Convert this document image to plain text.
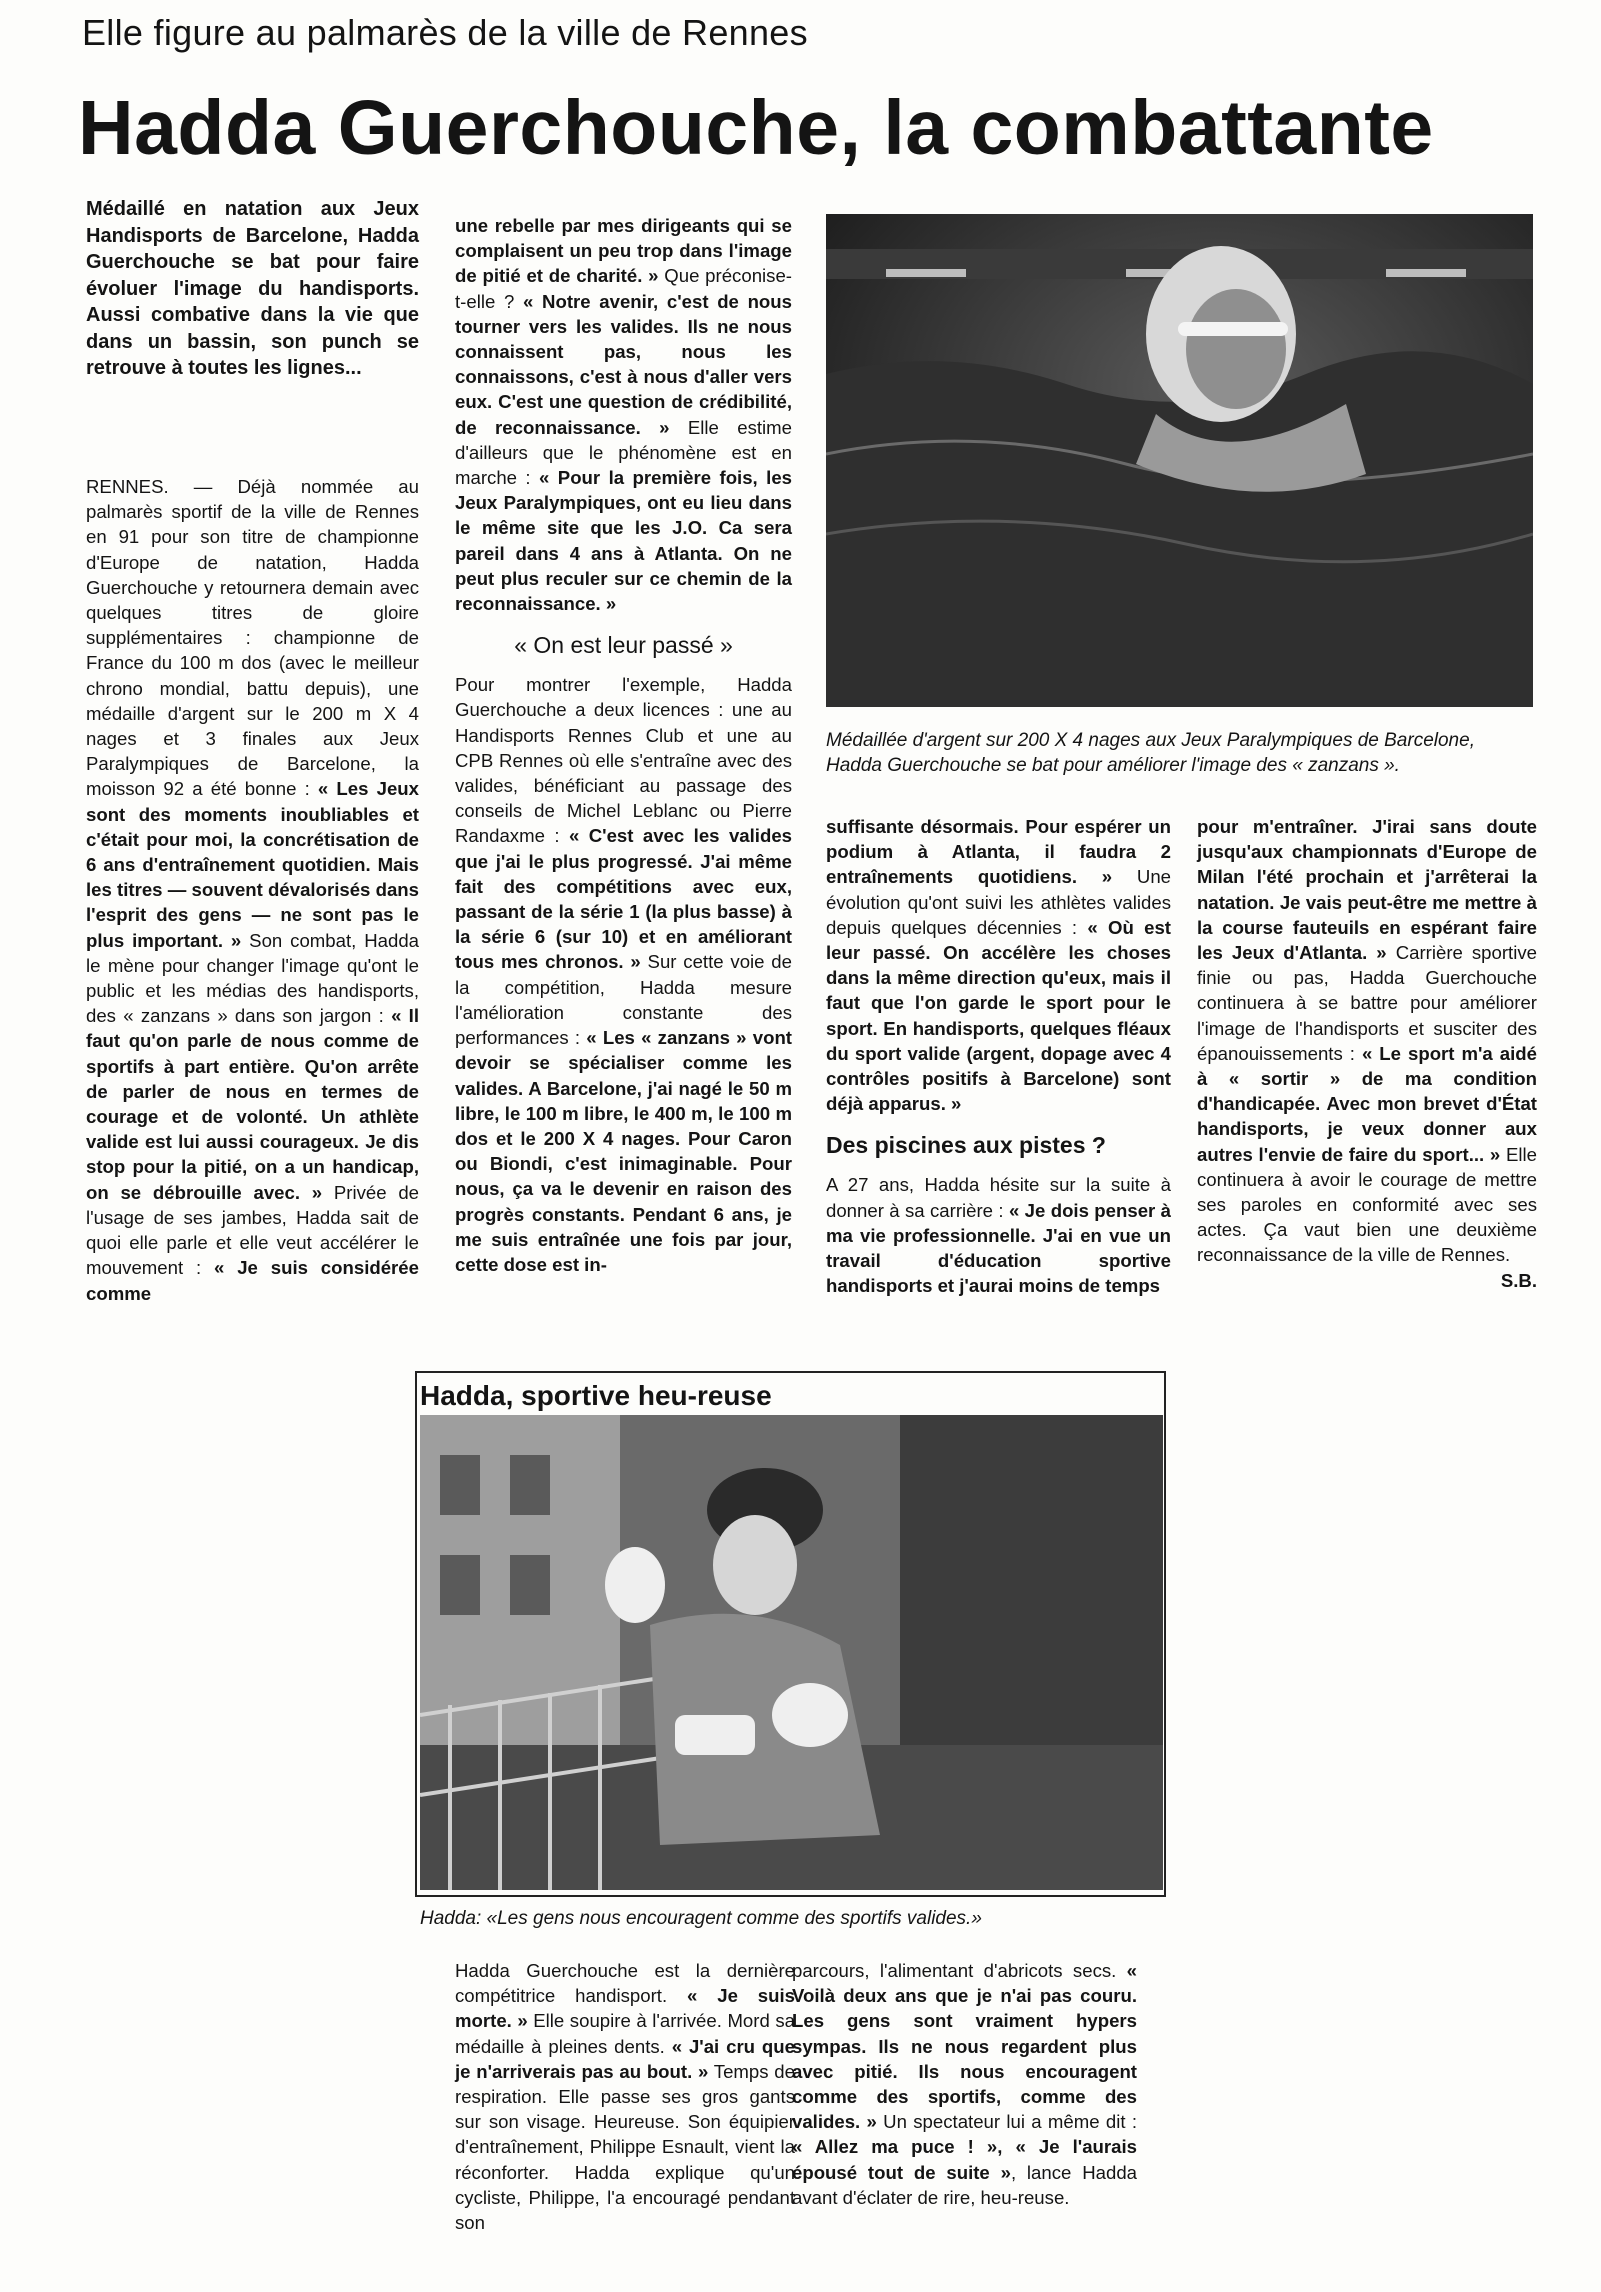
Elle figure au palmarès de la ville de Rennes
Hadda Guerchouche, la combattante
Médaillé en natation aux Jeux Handisports de Barcelone, Hadda Guerchouche se bat pour faire évoluer l'image du handisports. Aussi combative dans la vie que dans un bassin, son punch se retrouve à toutes les lignes...

RENNES. — Déjà nommée au palmarès sportif de la ville de Rennes en 91 pour son titre de championne d'Europe de natation, Hadda Guerchouche y retournera demain avec quelques titres de gloire supplémentaires : championne de France du 100 m dos (avec le meilleur chrono mondial, battu depuis), une médaille d'argent sur le 200 m X 4 nages et 3 finales aux Jeux Paralympiques de Barcelone, la moisson 92 a été bonne : « Les Jeux sont des moments inoubliables et c'était pour moi, la concrétisation de 6 ans d'entraînement quotidien. Mais les titres — souvent dévalorisés dans l'esprit des gens — ne sont pas le plus important. » Son combat, Hadda le mène pour changer l'image qu'ont le public et les médias des handisports, des « zanzans » dans son jargon : « Il faut qu'on parle de nous comme de sportifs à part entière. Qu'on arrête de parler de nous en termes de courage et de volonté. Un athlète valide est lui aussi courageux. Je dis stop pour la pitié, on a un handicap, on se débrouille avec. » Privée de l'usage de ses jambes, Hadda sait de quoi elle parle et elle veut accélérer le mouvement : « Je suis considérée comme

une rebelle par mes dirigeants qui se complaisent un peu trop dans l'image de pitié et de charité. » Que préconise-t-elle ? « Notre avenir, c'est de nous tourner vers les valides. Ils ne nous connaissent pas, nous les connaissons, c'est à nous d'aller vers eux. C'est une question de crédibilité, de reconnaissance. » Elle estime d'ailleurs que le phénomène est en marche : « Pour la première fois, les Jeux Paralympiques, ont eu lieu dans le même site que les J.O. Ca sera pareil dans 4 ans à Atlanta. On ne peut plus reculer sur ce chemin de la reconnaissance. »

« On est leur passé »

Pour montrer l'exemple, Hadda Guerchouche a deux licences : une au Handisports Rennes Club et une au CPB Rennes où elle s'entraîne avec des valides, bénéficiant au passage des conseils de Michel Leblanc ou Pierre Randaxme : « C'est avec les valides que j'ai le plus progressé. J'ai même fait des compétitions avec eux, passant de la série 1 (la plus basse) à la série 6 (sur 10) et en améliorant tous mes chronos. » Sur cette voie de la compétition, Hadda mesure l'amélioration constante des performances : « Les « zanzans » vont devoir se spécialiser comme les valides. A Barcelone, j'ai nagé le 50 m libre, le 100 m libre, le 400 m, le 100 m dos et le 200 X 4 nages. Pour Caron ou Biondi, c'est inimaginable. Pour nous, ça va le devenir en raison des progrès constants. Pendant 6 ans, je me suis entraînée une fois par jour, cette dose est in-

Médaillée d'argent sur 200 X 4 nages aux Jeux Paralympiques de Barcelone, Hadda Guerchouche se bat pour améliorer l'image des « zanzans ».

suffisante désormais. Pour espérer un podium à Atlanta, il faudra 2 entraînements quotidiens. » Une évolution qu'ont suivi les athlètes valides depuis quelques décennies : « Où est leur passé. On accélère les choses dans la même direction qu'eux, mais il faut que l'on garde le sport pour le sport. En handisports, quelques fléaux du sport valide (argent, dopage avec 4 contrôles positifs à Barcelone) sont déjà apparus. »

Des piscines aux pistes ?

A 27 ans, Hadda hésite sur la suite à donner à sa carrière : « Je dois penser à ma vie professionnelle. J'ai en vue un travail d'éducation sportive handisports et j'aurai moins de temps

pour m'entraîner. J'irai sans doute jusqu'aux championnats d'Europe de Milan l'été prochain et j'arrêterai la natation. Je vais peut-être me mettre à la course fauteuils en espérant faire les Jeux d'Atlanta. » Carrière sportive finie ou pas, Hadda Guerchouche continuera à se battre pour améliorer l'image de l'handisports et susciter des épanouissements : « Le sport m'a aidé à « sortir » de ma condition d'handicapée. Avec mon brevet d'État handisports, je veux donner aux autres l'envie de faire du sport... » Elle continuera à avoir le courage de mettre ses paroles en conformité avec ses actes. Ça vaut bien une deuxième reconnaissance de la ville de Rennes.

S.B.

Hadda, sportive heu-reuse
Hadda: «Les gens nous encouragent comme des sportifs valides.»

Hadda Guerchouche est la dernière compétitrice handisport. « Je suis morte. » Elle soupire à l'arrivée. Mord sa médaille à pleines dents. « J'ai cru que je n'arriverais pas au bout. » Temps de respiration. Elle passe ses gros gants sur son visage. Heureuse. Son équipier d'entraînement, Philippe Esnault, vient la réconforter. Hadda explique qu'un cycliste, Philippe, l'a encouragé pendant son

parcours, l'alimentant d'abricots secs. « Voilà deux ans que je n'ai pas couru. Les gens sont vraiment hypers sympas. Ils ne nous regardent plus avec pitié. Ils nous encouragent comme des sportifs, comme des valides. » Un spectateur lui a même dit : « Allez ma puce ! », « Je l'aurais épousé tout de suite », lance Hadda avant d'éclater de rire, heu-reuse.
